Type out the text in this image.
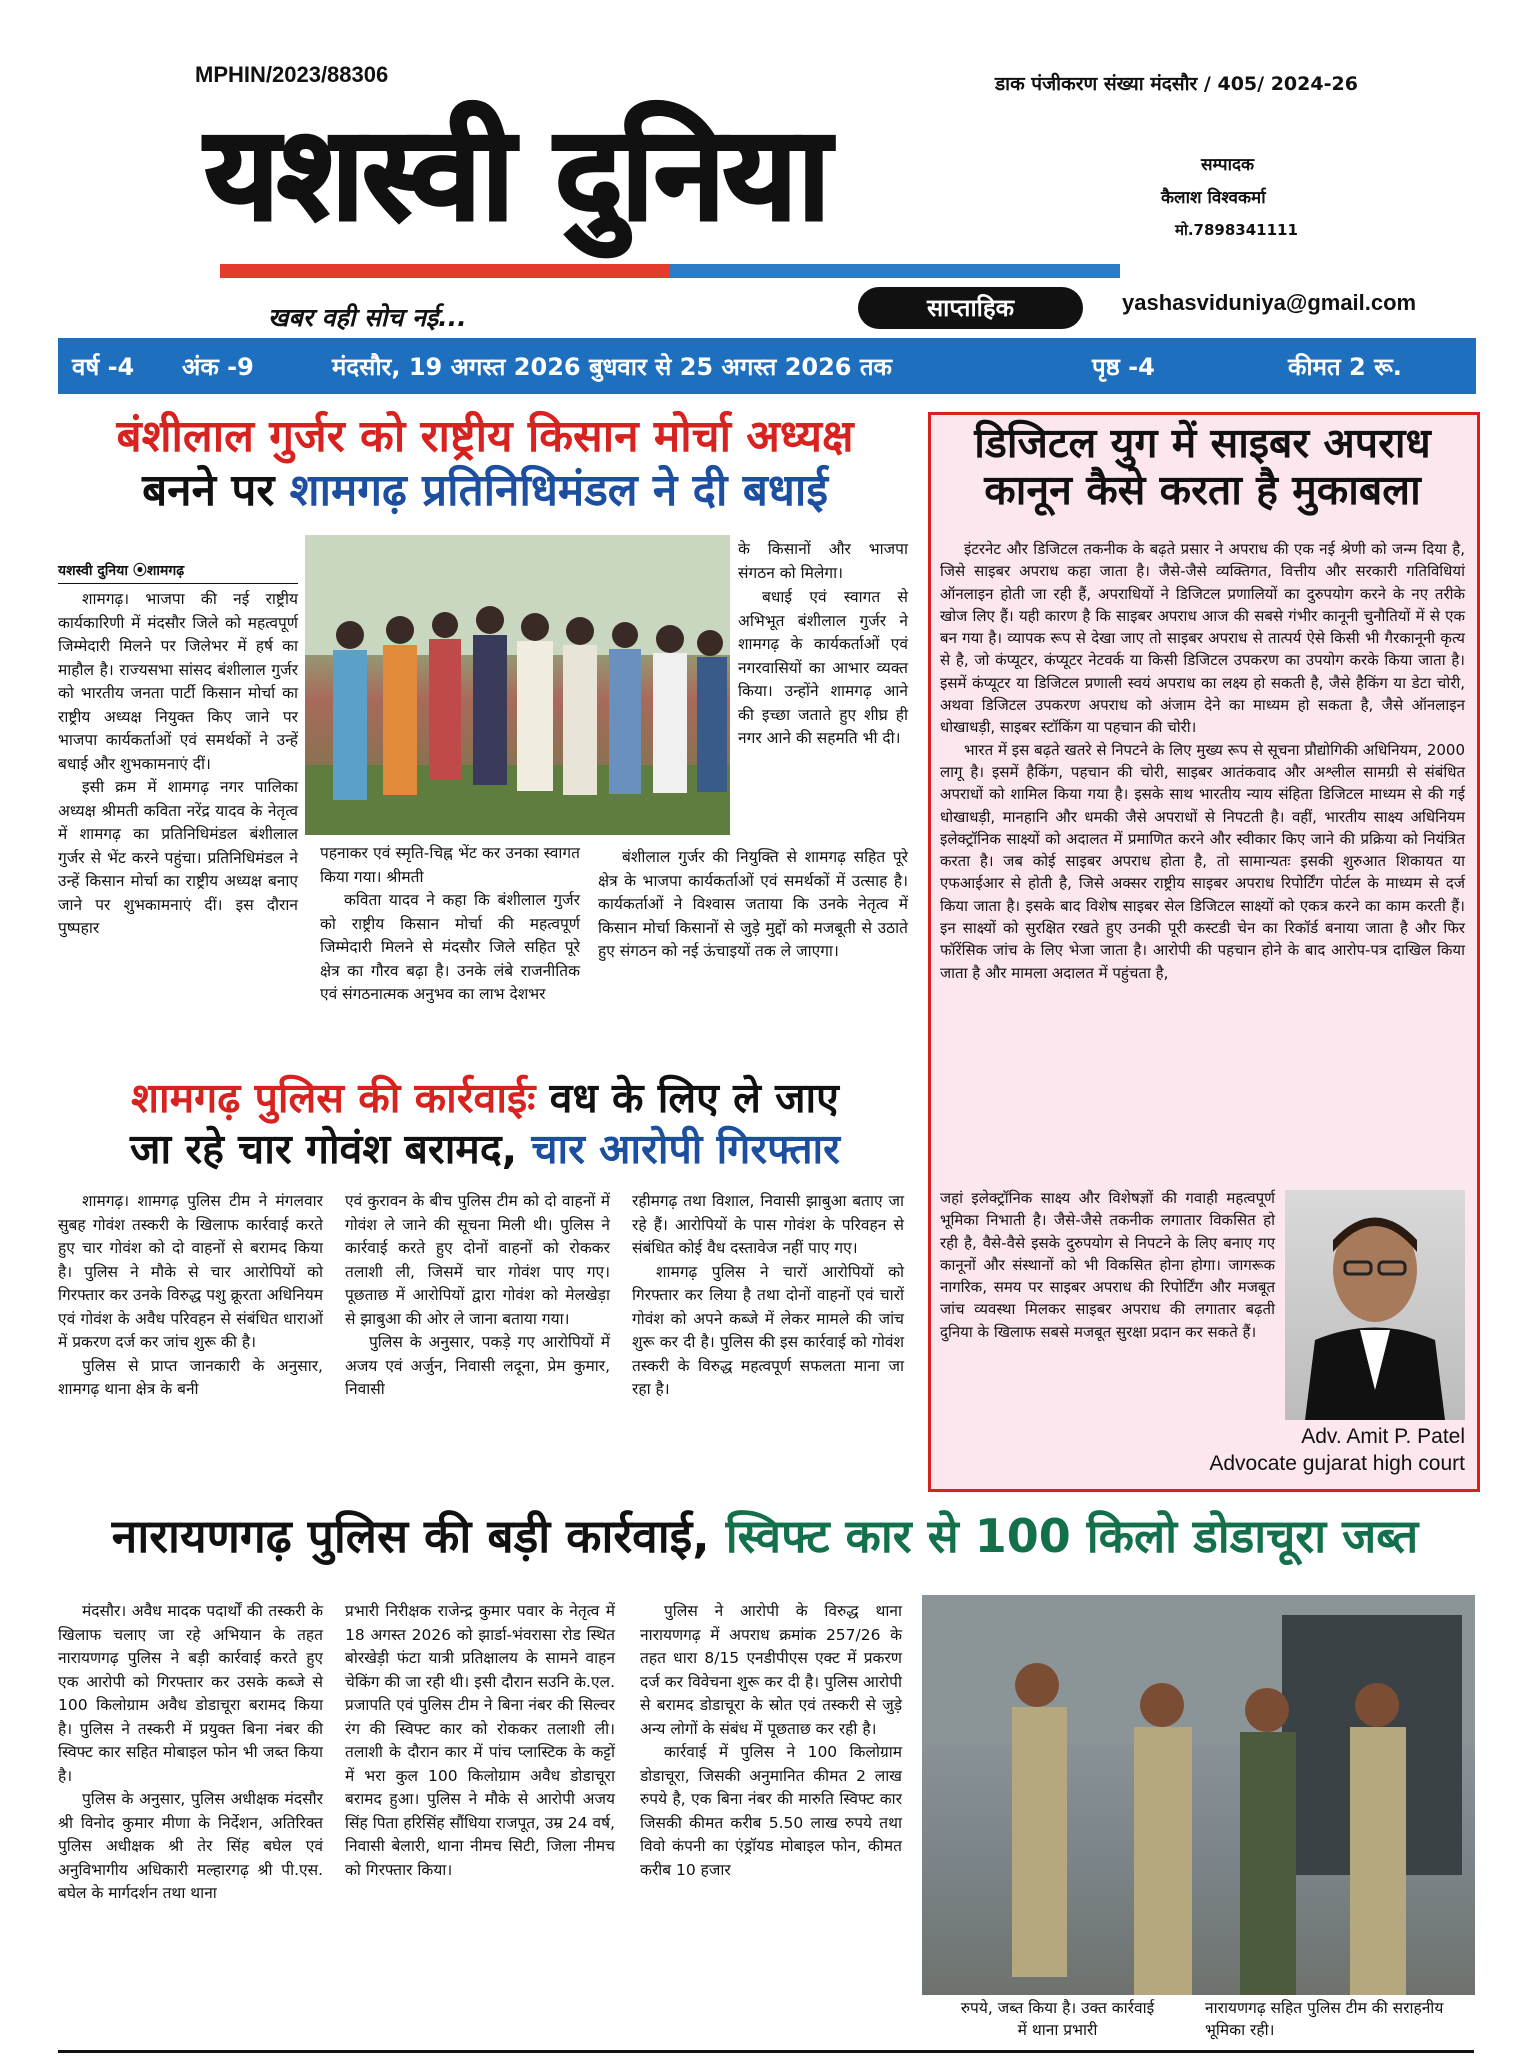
MPHIN/2023/88306	डाक पंजीकरण संख्या मंदसौर / 405/ 2024-26
यशस्वी दुनिया
खबर वही सोच नई...	साप्ताहिक	yashasviduniya@gmail.com
सम्पादक
कैलाश विश्वकर्मा
मो.7898341111
वर्ष -4	अंक -9	मंदसौर, 19 अगस्त 2026 बुधवार से 25 अगस्त 2026 तक	पृष्ठ -4	कीमत 2 रू.
बंशीलाल गुर्जर को राष्ट्रीय किसान मोर्चा अध्यक्ष
बनने पर शामगढ़ प्रतिनिधिमंडल ने दी बधाई
यशस्वी दुनिया ⦿शामगढ़

शामगढ़। भाजपा की नई राष्ट्रीय कार्यकारिणी में मंदसौर जिले को महत्वपूर्ण जिम्मेदारी मिलने पर जिलेभर में हर्ष का माहौल है। राज्यसभा सांसद बंशीलाल गुर्जर को भारतीय जनता पार्टी किसान मोर्चा का राष्ट्रीय अध्यक्ष नियुक्त किए जाने पर भाजपा कार्यकर्ताओं एवं समर्थकों ने उन्हें बधाई और शुभकामनाएं दीं।

इसी क्रम में शामगढ़ नगर पालिका अध्यक्ष श्रीमती कविता नरेंद्र यादव के नेतृत्व में शामगढ़ का प्रतिनिधिमंडल बंशीलाल गुर्जर से भेंट करने पहुंचा। प्रतिनिधिमंडल ने उन्हें किसान मोर्चा का राष्ट्रीय अध्यक्ष बनाए जाने पर शुभकामनाएं दीं। इस दौरान पुष्पहार

पहनाकर एवं स्मृति-चिह्न भेंट कर उनका स्वागत किया गया। श्रीमती

कविता यादव ने कहा कि बंशीलाल गुर्जर को राष्ट्रीय किसान मोर्चा की महत्वपूर्ण जिम्मेदारी मिलने से मंदसौर जिले सहित पूरे क्षेत्र का गौरव बढ़ा है। उनके लंबे राजनीतिक एवं संगठनात्मक अनुभव का लाभ देशभर

के किसानों और भाजपा संगठन को मिलेगा।

बधाई एवं स्वागत से अभिभूत बंशीलाल गुर्जर ने शामगढ़ के कार्यकर्ताओं एवं नगरवासियों का आभार व्यक्त किया। उन्होंने शामगढ़ आने की इच्छा जताते हुए शीघ्र ही नगर आने की सहमति भी दी।

बंशीलाल गुर्जर की नियुक्ति से शामगढ़ सहित पूरे क्षेत्र के भाजपा कार्यकर्ताओं एवं समर्थकों में उत्साह है। कार्यकर्ताओं ने विश्वास जताया कि उनके नेतृत्व में किसान मोर्चा किसानों से जुड़े मुद्दों को मजबूती से उठाते हुए संगठन को नई ऊंचाइयों तक ले जाएगा।

शामगढ़ पुलिस की कार्रवाईः वध के लिए ले जाए
जा रहे चार गोवंश बरामद, चार आरोपी गिरफ्तार

शामगढ़। शामगढ़ पुलिस टीम ने मंगलवार सुबह गोवंश तस्करी के खिलाफ कार्रवाई करते हुए चार गोवंश को दो वाहनों से बरामद किया है। पुलिस ने मौके से चार आरोपियों को गिरफ्तार कर उनके विरुद्ध पशु क्रूरता अधिनियम एवं गोवंश के अवैध परिवहन से संबंधित धाराओं में प्रकरण दर्ज कर जांच शुरू की है।

पुलिस से प्राप्त जानकारी के अनुसार, शामगढ़ थाना क्षेत्र के बनी

एवं कुरावन के बीच पुलिस टीम को दो वाहनों में गोवंश ले जाने की सूचना मिली थी। पुलिस ने कार्रवाई करते हुए दोनों वाहनों को रोककर तलाशी ली, जिसमें चार गोवंश पाए गए। पूछताछ में आरोपियों द्वारा गोवंश को मेलखेड़ा से झाबुआ की ओर ले जाना बताया गया।

पुलिस के अनुसार, पकड़े गए आरोपियों में अजय एवं अर्जुन, निवासी लदूना, प्रेम कुमार, निवासी

रहीमगढ़ तथा विशाल, निवासी झाबुआ बताए जा रहे हैं। आरोपियों के पास गोवंश के परिवहन से संबंधित कोई वैध दस्तावेज नहीं पाए गए।

शामगढ़ पुलिस ने चारों आरोपियों को गिरफ्तार कर लिया है तथा दोनों वाहनों एवं चारों गोवंश को अपने कब्जे में लेकर मामले की जांच शुरू कर दी है। पुलिस की इस कार्रवाई को गोवंश तस्करी के विरुद्ध महत्वपूर्ण सफलता माना जा रहा है।

डिजिटल युग में साइबर अपराध
कानून कैसे करता है मुकाबला

इंटरनेट और डिजिटल तकनीक के बढ़ते प्रसार ने अपराध की एक नई श्रेणी को जन्म दिया है, जिसे साइबर अपराध कहा जाता है। जैसे-जैसे व्यक्तिगत, वित्तीय और सरकारी गतिविधियां ऑनलाइन होती जा रही हैं, अपराधियों ने डिजिटल प्रणालियों का दुरुपयोग करने के नए तरीके खोज लिए हैं। यही कारण है कि साइबर अपराध आज की सबसे गंभीर कानूनी चुनौतियों में से एक बन गया है। व्यापक रूप से देखा जाए तो साइबर अपराध से तात्पर्य ऐसे किसी भी गैरकानूनी कृत्य से है, जो कंप्यूटर, कंप्यूटर नेटवर्क या किसी डिजिटल उपकरण का उपयोग करके किया जाता है। इसमें कंप्यूटर या डिजिटल प्रणाली स्वयं अपराध का लक्ष्य हो सकती है, जैसे हैकिंग या डेटा चोरी, अथवा डिजिटल उपकरण अपराध को अंजाम देने का माध्यम हो सकता है, जैसे ऑनलाइन धोखाधड़ी, साइबर स्टॉकिंग या पहचान की चोरी।

भारत में इस बढ़ते खतरे से निपटने के लिए मुख्य रूप से सूचना प्रौद्योगिकी अधिनियम, 2000 लागू है। इसमें हैकिंग, पहचान की चोरी, साइबर आतंकवाद और अश्लील सामग्री से संबंधित अपराधों को शामिल किया गया है। इसके साथ भारतीय न्याय संहिता डिजिटल माध्यम से की गई धोखाधड़ी, मानहानि और धमकी जैसे अपराधों से निपटती है। वहीं, भारतीय साक्ष्य अधिनियम इलेक्ट्रॉनिक साक्ष्यों को अदालत में प्रमाणित करने और स्वीकार किए जाने की प्रक्रिया को नियंत्रित करता है। जब कोई साइबर अपराध होता है, तो सामान्यतः इसकी शुरुआत शिकायत या एफआईआर से होती है, जिसे अक्सर राष्ट्रीय साइबर अपराध रिपोर्टिंग पोर्टल के माध्यम से दर्ज किया जाता है। इसके बाद विशेष साइबर सेल डिजिटल साक्ष्यों को एकत्र करने का काम करती हैं। इन साक्ष्यों को सुरक्षित रखते हुए उनकी पूरी कस्टडी चेन का रिकॉर्ड बनाया जाता है और फिर फॉरेंसिक जांच के लिए भेजा जाता है। आरोपी की पहचान होने के बाद आरोप-पत्र दाखिल किया जाता है और मामला अदालत में पहुंचता है,

जहां इलेक्ट्रॉनिक साक्ष्य और विशेषज्ञों की गवाही महत्वपूर्ण भूमिका निभाती है। जैसे-जैसे तकनीक लगातार विकसित हो रही है, वैसे-वैसे इसके दुरुपयोग से निपटने के लिए बनाए गए कानूनों और संस्थानों को भी विकसित होना होगा। जागरूक नागरिक, समय पर साइबर अपराध की रिपोर्टिंग और मजबूत जांच व्यवस्था मिलकर साइबर अपराध की लगातार बढ़ती दुनिया के खिलाफ सबसे मजबूत सुरक्षा प्रदान कर सकते हैं।

Adv. Amit P. Patel
Advocate gujarat high court
नारायणगढ़ पुलिस की बड़ी कार्रवाई, स्विफ्ट कार से 100 किलो डोडाचूरा जब्त

मंदसौर। अवैध मादक पदार्थों की तस्करी के खिलाफ चलाए जा रहे अभियान के तहत नारायणगढ़ पुलिस ने बड़ी कार्रवाई करते हुए एक आरोपी को गिरफ्तार कर उसके कब्जे से 100 किलोग्राम अवैध डोडाचूरा बरामद किया है। पुलिस ने तस्करी में प्रयुक्त बिना नंबर की स्विफ्ट कार सहित मोबाइल फोन भी जब्त किया है।

पुलिस के अनुसार, पुलिस अधीक्षक मंदसौर श्री विनोद कुमार मीणा के निर्देशन, अतिरिक्त पुलिस अधीक्षक श्री तेर सिंह बघेल एवं अनुविभागीय अधिकारी मल्हारगढ़ श्री पी.एस. बघेल के मार्गदर्शन तथा थाना

प्रभारी निरीक्षक राजेन्द्र कुमार पवार के नेतृत्व में 18 अगस्त 2026 को झार्डा-भंवरासा रोड स्थित बोरखेड़ी फंटा यात्री प्रतिक्षालय के सामने वाहन चेकिंग की जा रही थी। इसी दौरान सउनि के.एल. प्रजापति एवं पुलिस टीम ने बिना नंबर की सिल्वर रंग की स्विफ्ट कार को रोककर तलाशी ली। तलाशी के दौरान कार में पांच प्लास्टिक के कट्टों में भरा कुल 100 किलोग्राम अवैध डोडाचूरा बरामद हुआ। पुलिस ने मौके से आरोपी अजय सिंह पिता हरिसिंह सौंधिया राजपूत, उम्र 24 वर्ष, निवासी बेलारी, थाना नीमच सिटी, जिला नीमच को गिरफ्तार किया।

पुलिस ने आरोपी के विरुद्ध थाना नारायणगढ़ में अपराध क्रमांक 257/26 के तहत धारा 8/15 एनडीपीएस एक्ट में प्रकरण दर्ज कर विवेचना शुरू कर दी है। पुलिस आरोपी से बरामद डोडाचूरा के स्रोत एवं तस्करी से जुड़े अन्य लोगों के संबंध में पूछताछ कर रही है।

कार्रवाई में पुलिस ने 100 किलोग्राम डोडाचूरा, जिसकी अनुमानित कीमत 2 लाख रुपये है, एक बिना नंबर की मारुति स्विफ्ट कार जिसकी कीमत करीब 5.50 लाख रुपये तथा विवो कंपनी का एंड्रॉयड मोबाइल फोन, कीमत करीब 10 हजार

रुपये, जब्त किया है। उक्त कार्रवाई में थाना प्रभारी
नारायणगढ़ सहित पुलिस टीम की सराहनीय भूमिका रही।
